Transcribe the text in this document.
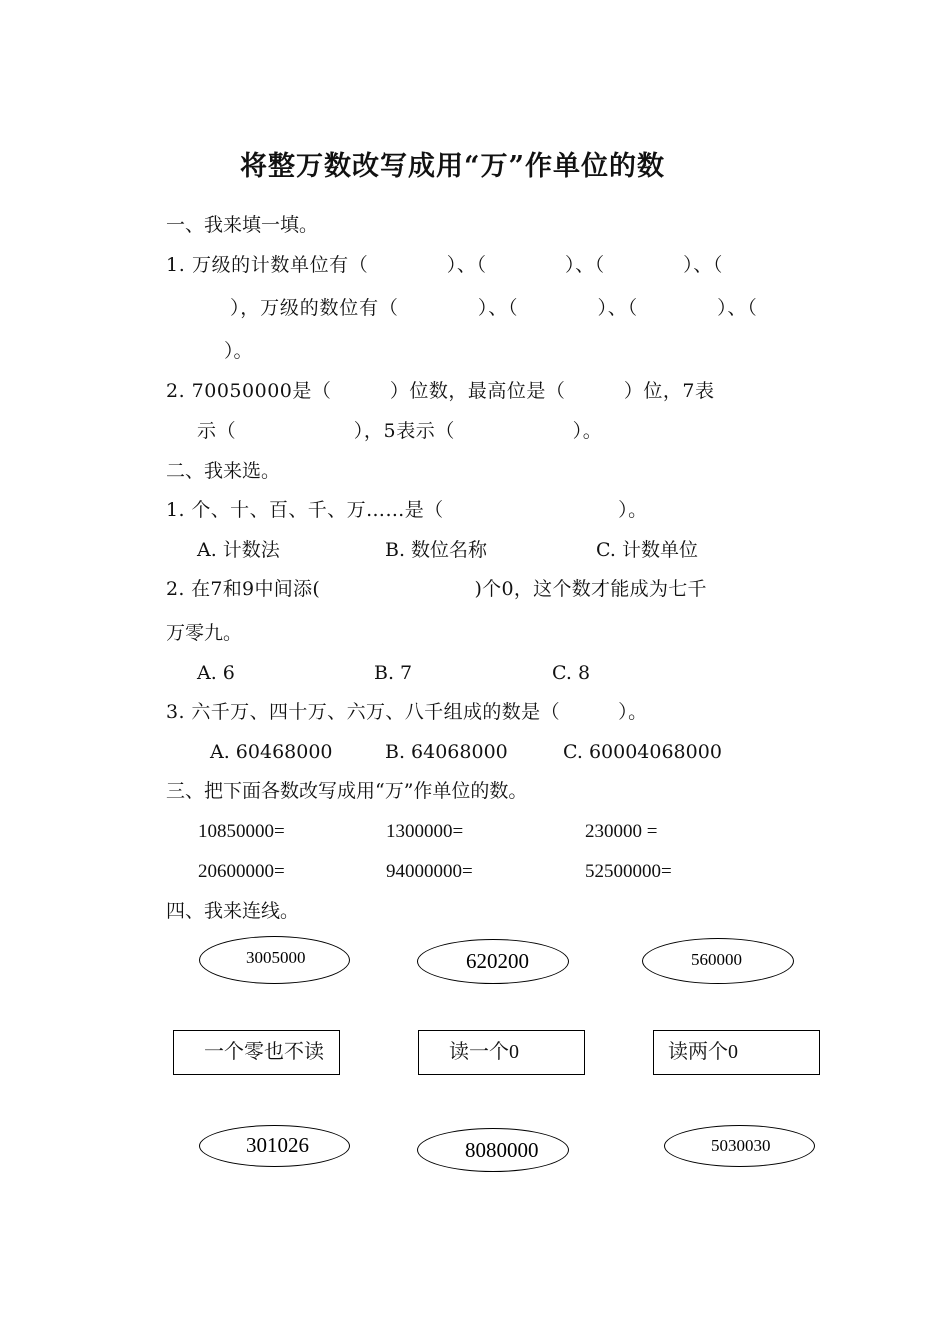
将整万数改写成用“万”作单位的数
一、我来填一填。
1. 万级的计数单位有（　　　　）、（　　　　）、（　　　　）、（
），万级的数位有（　　　　）、（　　　　）、（　　　　）、（
）。
2. 70050000是（　　　）位数，最高位是（　　　）位，7表
示（　　　　　　），5表示（　　　　　　）。
二、我来选。
1. 个、十、百、千、万……是（　　　　　　　　　）。
A. 计数法	B. 数位名称	C. 计数单位
2. 在7和9中间添(　　　　　　　　)个0，这个数才能成为七千
万零九。
A. 6	B. 7	C. 8
3. 六千万、四十万、六万、八千组成的数是（　　　）。
A. 60468000	B. 64068000	C. 60004068000
三、把下面各数改写成用“万”作单位的数。
10850000=	1300000=	230000 =
20600000=	94000000=	52500000=
四、我来连线。
3005000	620200	560000
一个零也不读	读一个0	读两个0
301026	8080000	5030030
